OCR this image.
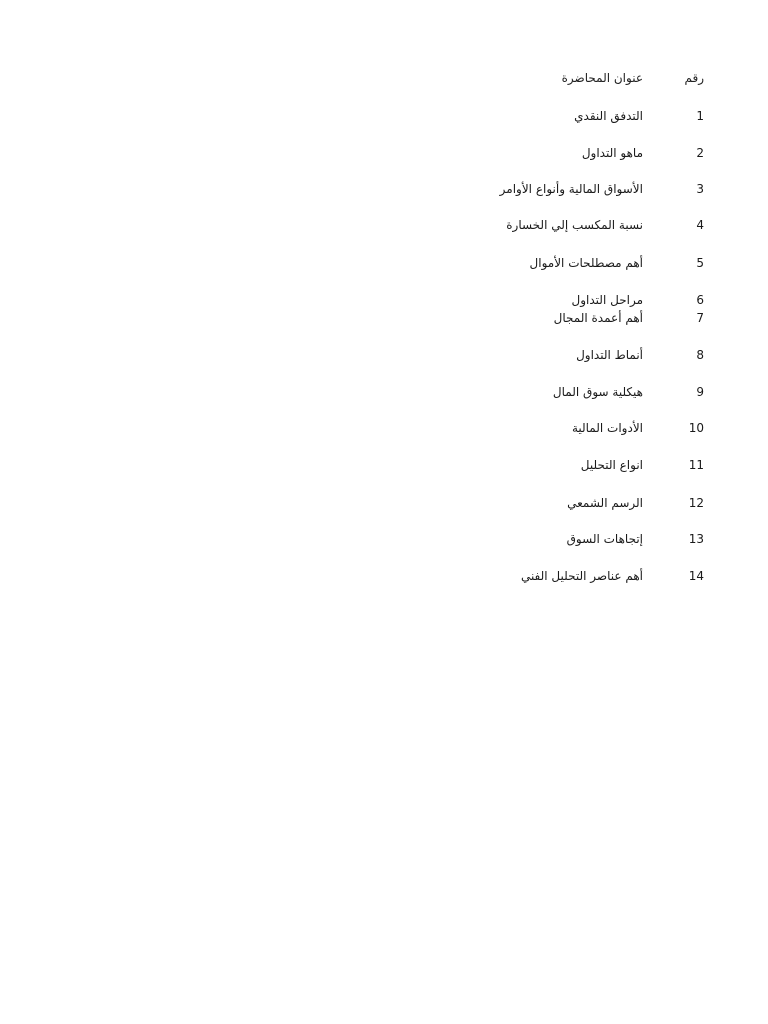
رقم
عنوان المحاضرة
1
التدفق النقدي
2
ماهو التداول
3
الأسواق المالية وأنواع الأوامر
4
نسبة المكسب إلي الخسارة
5
أهم مصطلحات الأموال
6
مراحل التداول
7
أهم أعمدة المجال
8
أنماط التداول
9
هيكلية سوق المال
10
الأدوات المالية
11
انواع التحليل
12
الرسم الشمعي
13
إتجاهات السوق
14
أهم عناصر التحليل الفني
